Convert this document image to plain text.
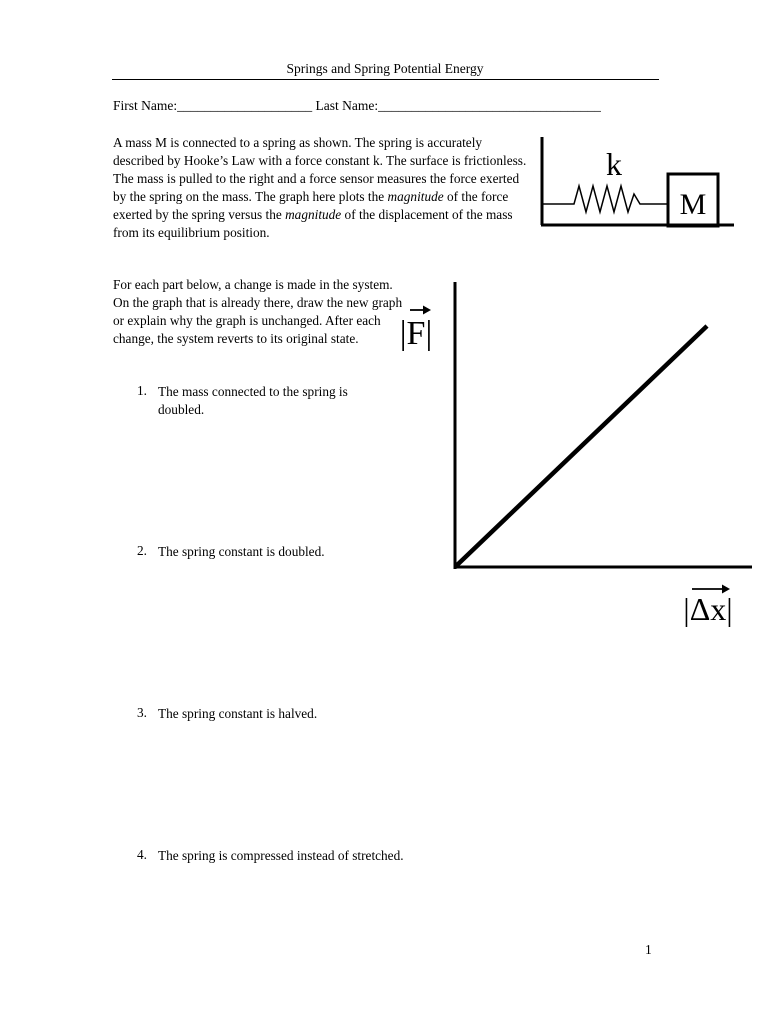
Springs and Spring Potential Energy
First Name:____________________ Last Name:_________________________________
A mass M is connected to a spring as shown. The spring is accurately described by Hooke’s Law with a force constant k. The surface is frictionless. The mass is pulled to the right and a force sensor measures the force exerted by the spring on the mass. The graph here plots the magnitude of the force exerted by the spring versus the magnitude of the displacement of the mass from its equilibrium position.
For each part below, a change is made in the system. On the graph that is already there, draw the new graph or explain why the graph is unchanged. After each change, the system reverts to its original state.
M
k
|F|
|Δx|
1. The mass connected to the spring is doubled.
2. The spring constant is doubled.
3. The spring constant is halved.
4. The spring is compressed instead of stretched.
1
